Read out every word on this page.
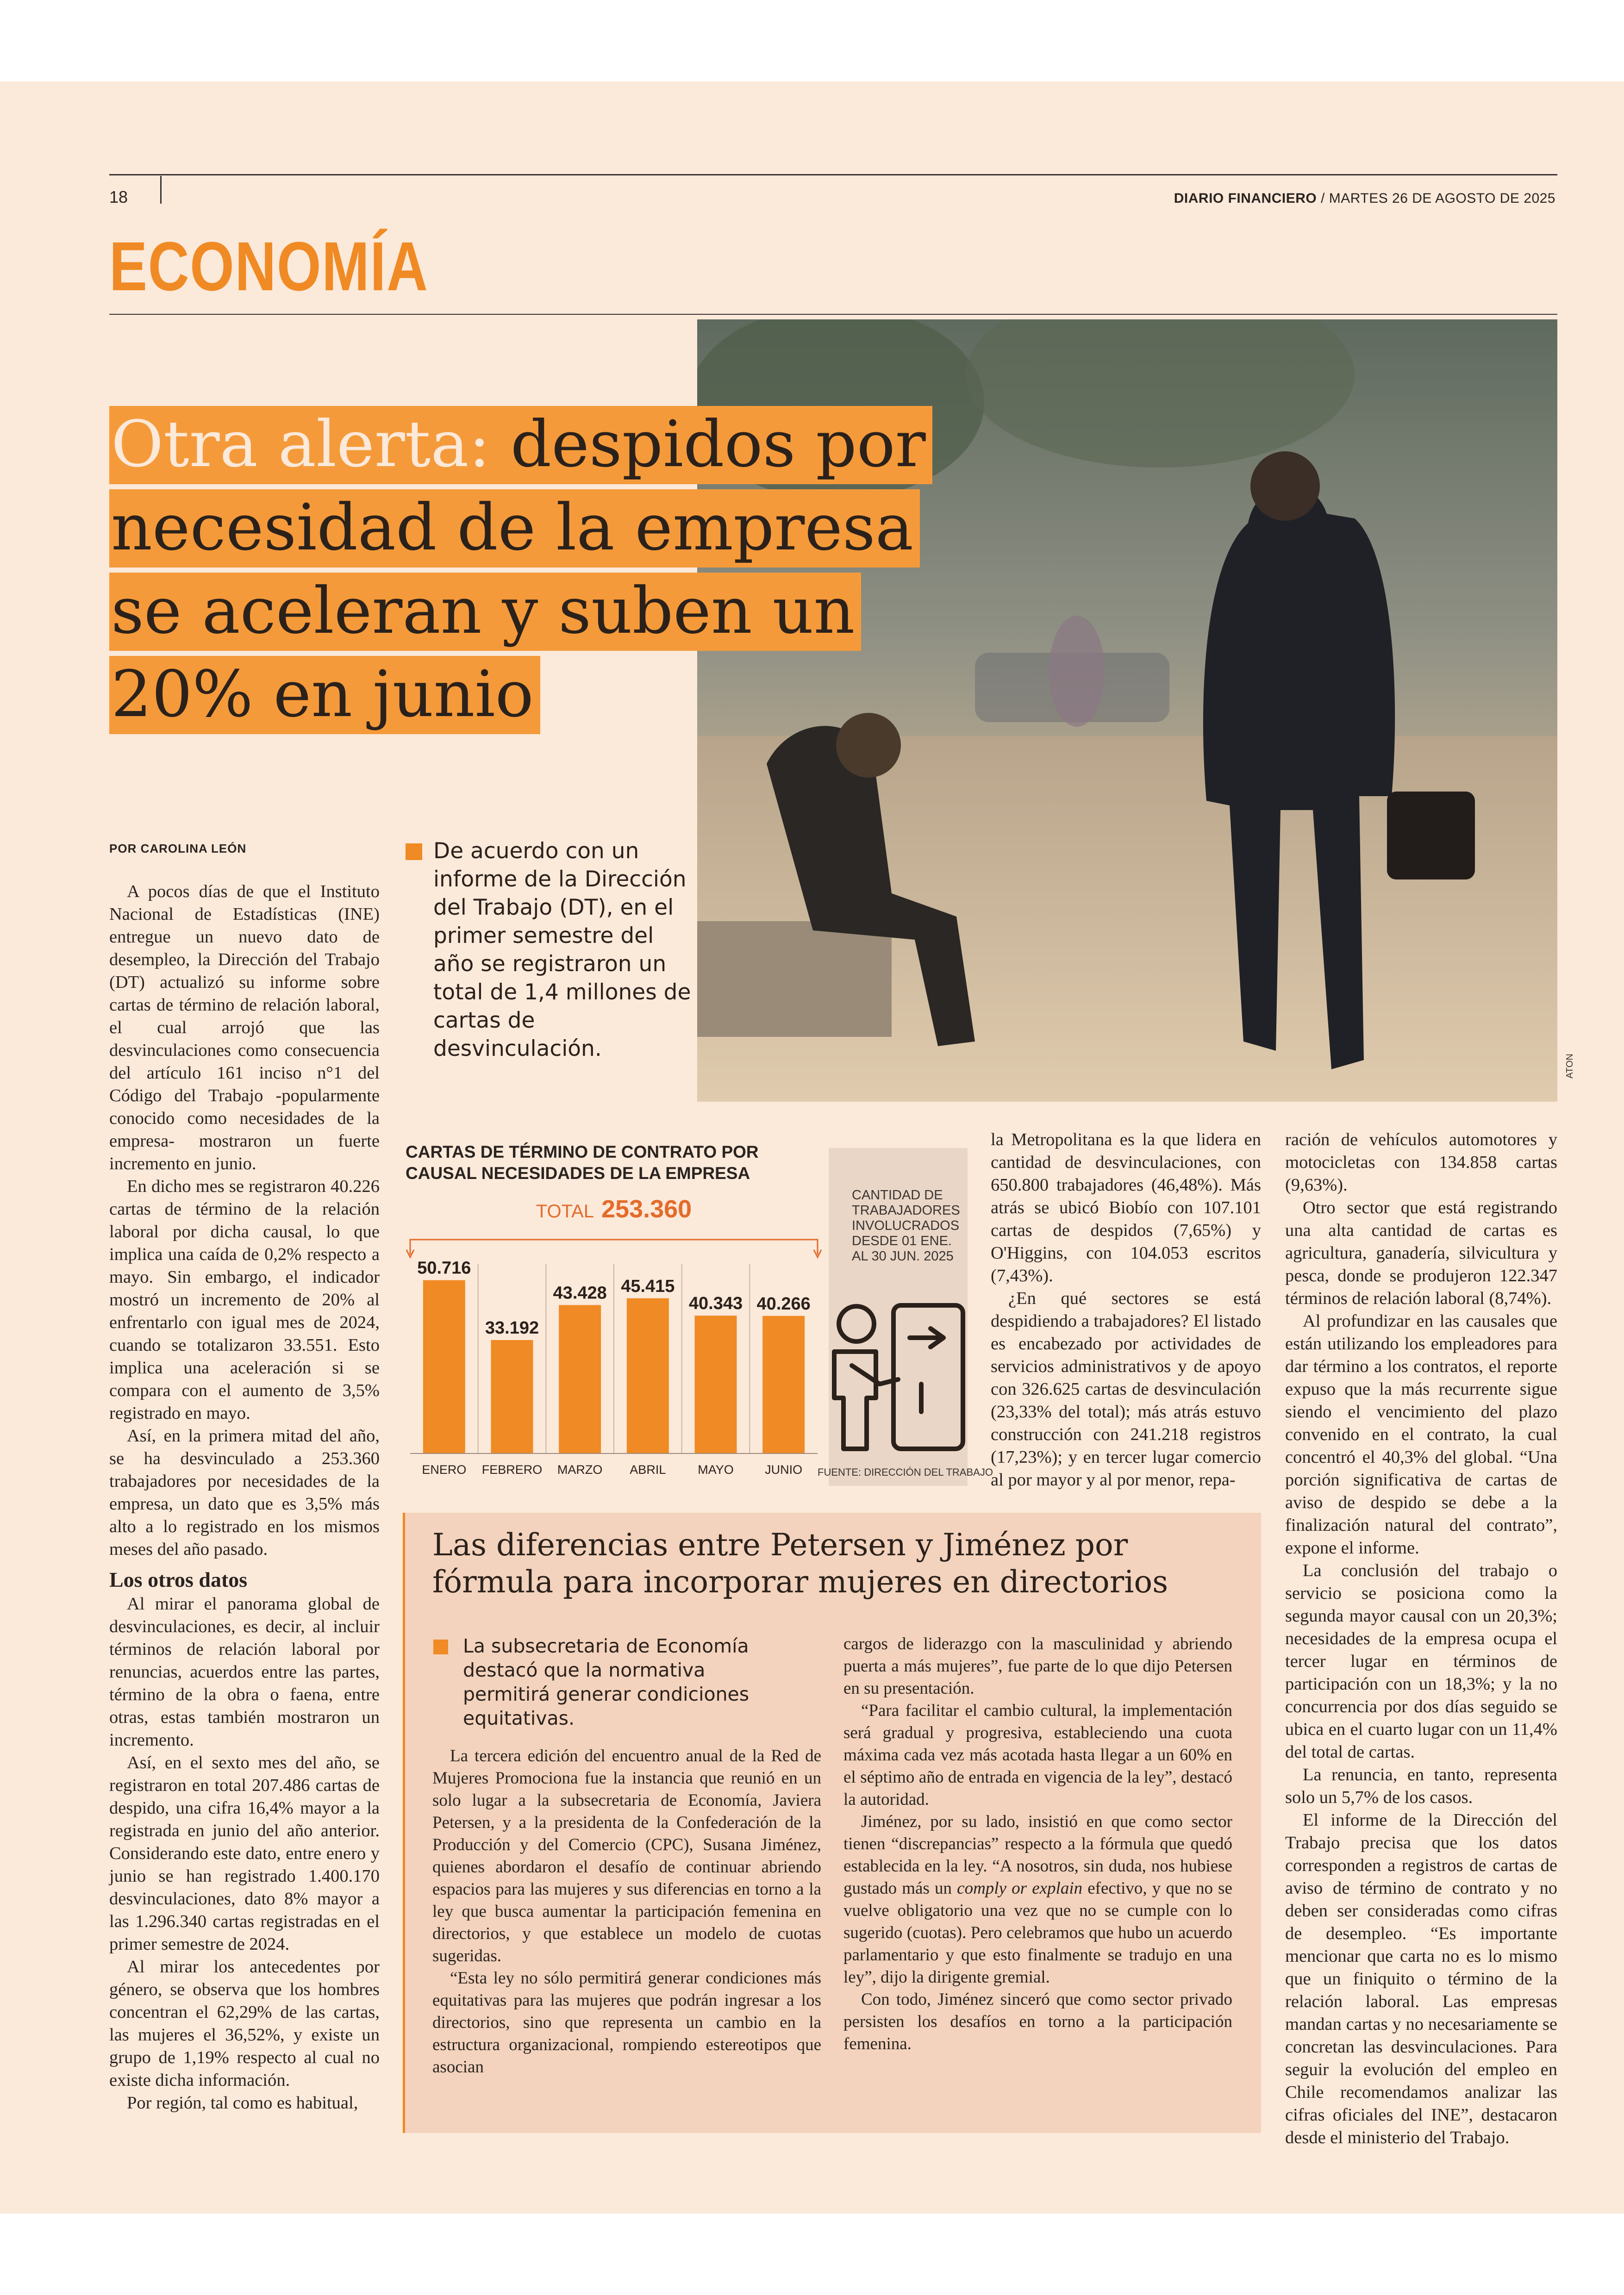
18	DIARIO FINANCIERO / MARTES 26 DE AGOSTO DE 2025
ECONOMÍA
ATON
Otra alerta: despidos por
necesidad de la empresa
se aceleran y suben un
20% en junio
POR CAROLINA LEÓN	De acuerdo con un informe de la Dirección del Trabajo (DT), en el primer semestre del año se registraron un total de 1,4 millones de cartas de desvinculación.

A pocos días de que el Instituto Nacional de Estadísticas (INE) entregue un nuevo dato de desempleo, la Dirección del Trabajo (DT) actualizó su informe sobre cartas de término de relación laboral, el cual arrojó que las desvinculaciones como consecuencia del artículo 161 inciso n°1 del Código del Trabajo -popularmente conocido como necesidades de la empresa- mostraron un fuerte incremento en junio.

En dicho mes se registraron 40.226 cartas de término de la relación laboral por dicha causal, lo que implica una caída de 0,2% respecto a mayo. Sin embargo, el indicador mostró un incremento de 20% al enfrentarlo con igual mes de 2024, cuando se totalizaron 33.551. Esto implica una aceleración si se compara con el aumento de 3,5% registrado en mayo.

Así, en la primera mitad del año, se ha desvinculado a 253.360 trabajadores por necesidades de la empresa, un dato que es 3,5% más alto a lo registrado en los mismos meses del año pasado.

Los otros datos

Al mirar el panorama global de desvinculaciones, es decir, al incluir términos de relación laboral por renuncias, acuerdos entre las partes, término de la obra o faena, entre otras, estas también mostraron un incremento.

Así, en el sexto mes del año, se registraron en total 207.486 cartas de despido, una cifra 16,4% mayor a la registrada en junio del año anterior. Considerando este dato, entre enero y junio se han registrado 1.400.170 desvinculaciones, dato 8% mayor a las 1.296.340 cartas registradas en el primer semestre de 2024.

Al mirar los antecedentes por género, se observa que los hombres concentran el 62,29% de las cartas, las mujeres el 36,52%, y existe un grupo de 1,19% respecto al cual no existe dicha información.

Por región, tal como es habitual,

CARTAS DE TÉRMINO DE CONTRATO POR CAUSAL NECESIDADES DE LA EMPRESA
CANTIDAD DE TRABAJADORES INVOLUCRADOS DESDE 01 ENE. AL 30 JUN. 2025
FUENTE: DIRECCIÓN DEL TRABAJO
TOTAL 253.360
50.716
ENERO
33.192
FEBRERO
43.428
MARZO
45.415
ABRIL
40.343
MAYO
40.266
JUNIO

la Metropolitana es la que lidera en cantidad de desvinculaciones, con 650.800 trabajadores (46,48%). Más atrás se ubicó Biobío con 107.101 cartas de despidos (7,65%) y O'Higgins, con 104.053 escritos (7,43%).

¿En qué sectores se está despidiendo a trabajadores? El listado es encabezado por actividades de servicios administrativos y de apoyo con 326.625 cartas de desvinculación (23,33% del total); más atrás estuvo construcción con 241.218 registros (17,23%); y en tercer lugar comercio al por mayor y al por menor, repa-

ración de vehículos automotores y motocicletas con 134.858 cartas (9,63%).

Otro sector que está registrando una alta cantidad de cartas es agricultura, ganadería, silvicultura y pesca, donde se produjeron 122.347 términos de relación laboral (8,74%).

Al profundizar en las causales que están utilizando los empleadores para dar término a los contratos, el reporte expuso que la más recurrente sigue siendo el vencimiento del plazo convenido en el contrato, la cual concentró el 40,3% del global. “Una porción significativa de cartas de aviso de despido se debe a la finalización natural del contrato”, expone el informe.

La conclusión del trabajo o servicio se posiciona como la segunda mayor causal con un 20,3%; necesidades de la empresa ocupa el tercer lugar en términos de participación con un 18,3%; y la no concurrencia por dos días seguido se ubica en el cuarto lugar con un 11,4% del total de cartas.

La renuncia, en tanto, representa solo un 5,7% de los casos.

El informe de la Dirección del Trabajo precisa que los datos corresponden a registros de cartas de aviso de término de contrato y no deben ser consideradas como cifras de desempleo. “Es importante mencionar que carta no es lo mismo que un finiquito o término de la relación laboral. Las empresas mandan cartas y no necesariamente se concretan las desvinculaciones. Para seguir la evolución del empleo en Chile recomendamos analizar las cifras oficiales del INE”, destacaron desde el ministerio del Trabajo.

Las diferencias entre Petersen y Jiménez por fórmula para incorporar mujeres en directorios
La subsecretaria de Economía destacó que la normativa permitirá generar condiciones equitativas.

La tercera edición del encuentro anual de la Red de Mujeres Promociona fue la instancia que reunió en un solo lugar a la subsecretaria de Economía, Javiera Petersen, y a la presidenta de la Confederación de la Producción y del Comercio (CPC), Susana Jiménez, quienes abordaron el desafío de continuar abriendo espacios para las mujeres y sus diferencias en torno a la ley que busca aumentar la participación femenina en directorios, y que establece un modelo de cuotas sugeridas.

“Esta ley no sólo permitirá generar condiciones más equitativas para las mujeres que podrán ingresar a los directorios, sino que representa un cambio en la estructura organizacional, rompiendo estereotipos que asocian

cargos de liderazgo con la masculinidad y abriendo puerta a más mujeres”, fue parte de lo que dijo Petersen en su presentación.

“Para facilitar el cambio cultural, la implementación será gradual y progresiva, estableciendo una cuota máxima cada vez más acotada hasta llegar a un 60% en el séptimo año de entrada en vigencia de la ley”, destacó la autoridad.

Jiménez, por su lado, insistió en que como sector tienen “discrepancias” respecto a la fórmula que quedó establecida en la ley. “A nosotros, sin duda, nos hubiese gustado más un comply or explain efectivo, y que no se vuelve obligatorio una vez que no se cumple con lo sugerido (cuotas). Pero celebramos que hubo un acuerdo parlamentario y que esto finalmente se tradujo en una ley”, dijo la dirigente gremial.

Con todo, Jiménez sinceró que como sector privado persisten los desafíos en torno a la participación femenina.
